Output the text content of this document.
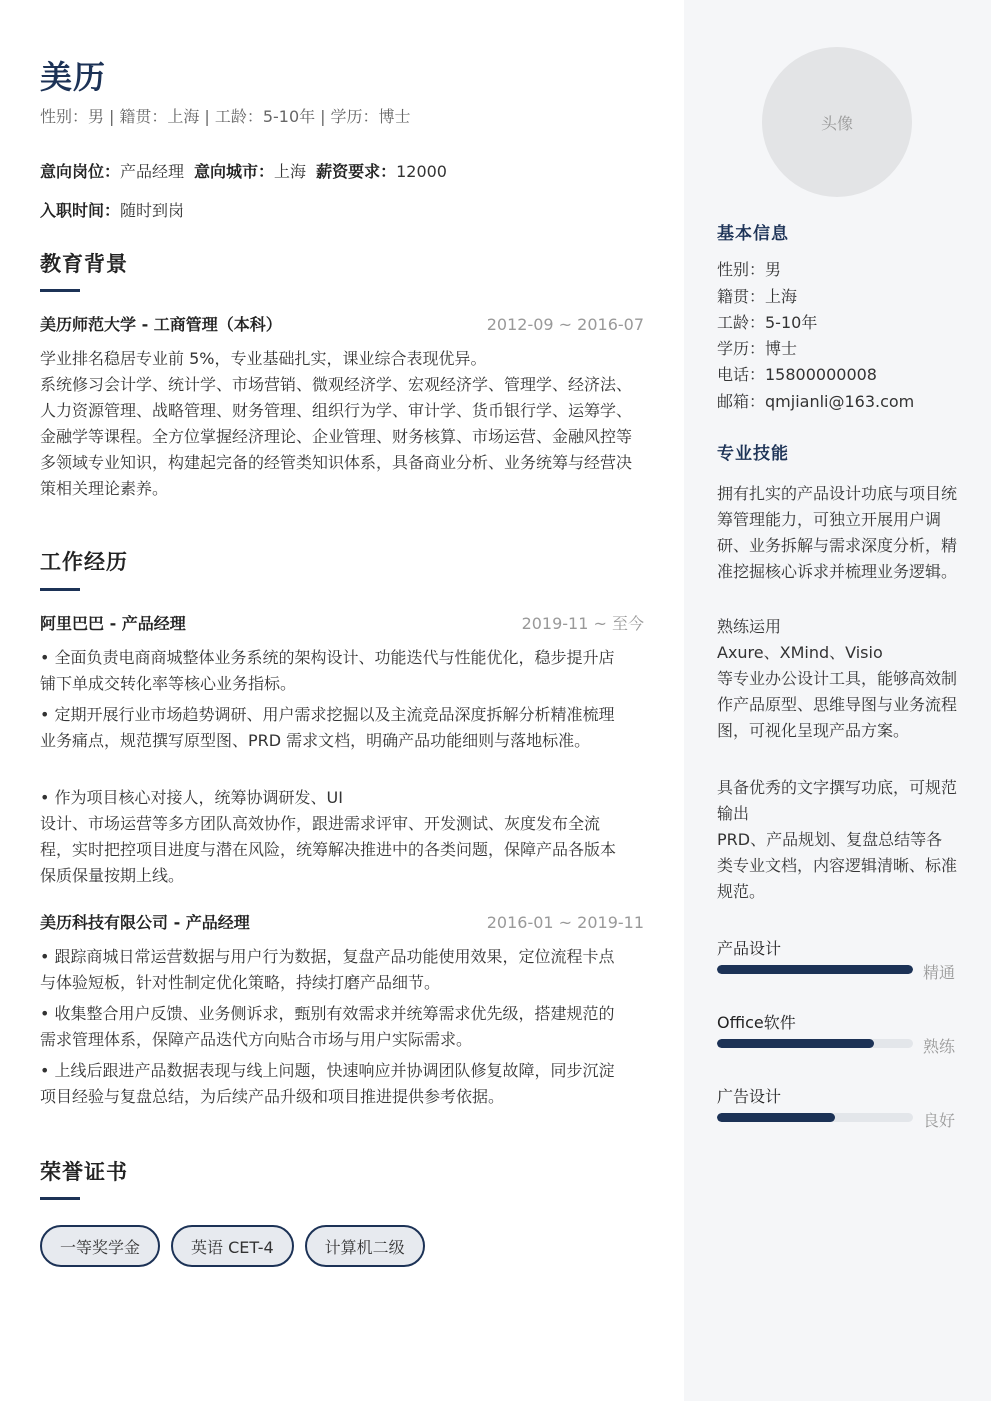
美历
性别：男 | 籍贯：上海 | 工龄：5-10年 | 学历：博士
意向岗位：产品经理 意向城市：上海 薪资要求：12000
入职时间：随时到岗
教育背景
美历师范大学 - 工商管理（本科）	2012-09 ~ 2016-07
学业排名稳居专业前 5%，专业基础扎实，课业综合表现优异。
系统修习会计学、统计学、市场营销、微观经济学、宏观经济学、管理学、经济法、人力资源管理、战略管理、财务管理、组织行为学、审计学、货币银行学、运筹学、金融学等课程。全方位掌握经济理论、企业管理、财务核算、市场运营、金融风控等多领域专业知识，构建起完备的经管类知识体系，具备商业分析、业务统筹与经营决策相关理论素养。
工作经历
阿里巴巴 - 产品经理	2019-11 ~ 至今
• 全面负责电商商城整体业务系统的架构设计、功能迭代与性能优化，稳步提升店铺下单成交转化率等核心业务指标。
• 定期开展行业市场趋势调研、用户需求挖掘以及主流竞品深度拆解分析精准梳理业务痛点，规范撰写原型图、PRD 需求文档，明确产品功能细则与落地标准。
• 作为项目核心对接人，统筹协调研发、UI
设计、市场运营等多方团队高效协作，跟进需求评审、开发测试、灰度发布全流程，实时把控项目进度与潜在风险，统筹解决推进中的各类问题，保障产品各版本保质保量按期上线。
美历科技有限公司 - 产品经理	2016-01 ~ 2019-11
• 跟踪商城日常运营数据与用户行为数据，复盘产品功能使用效果，定位流程卡点与体验短板，针对性制定优化策略，持续打磨产品细节。
• 收集整合用户反馈、业务侧诉求，甄别有效需求并统筹需求优先级，搭建规范的需求管理体系，保障产品迭代方向贴合市场与用户实际需求。
• 上线后跟进产品数据表现与线上问题，快速响应并协调团队修复故障，同步沉淀项目经验与复盘总结，为后续产品升级和项目推进提供参考依据。
荣誉证书
一等奖学金	英语 CET-4	计算机二级
头像
基本信息
性别：男
籍贯：上海
工龄：5-10年
学历：博士
电话：15800000008
邮箱：qmjianli@163.com
专业技能
拥有扎实的产品设计功底与项目统筹管理能力，可独立开展用户调研、业务拆解与需求深度分析，精准挖掘核心诉求并梳理业务逻辑。
熟练运用
Axure、XMind、Visio
等专业办公设计工具，能够高效制作产品原型、思维导图与业务流程图，可视化呈现产品方案。
具备优秀的文字撰写功底，可规范输出
PRD、产品规划、复盘总结等各类专业文档，内容逻辑清晰、标准规范。
产品设计
精通
Office软件
熟练
广告设计
良好
